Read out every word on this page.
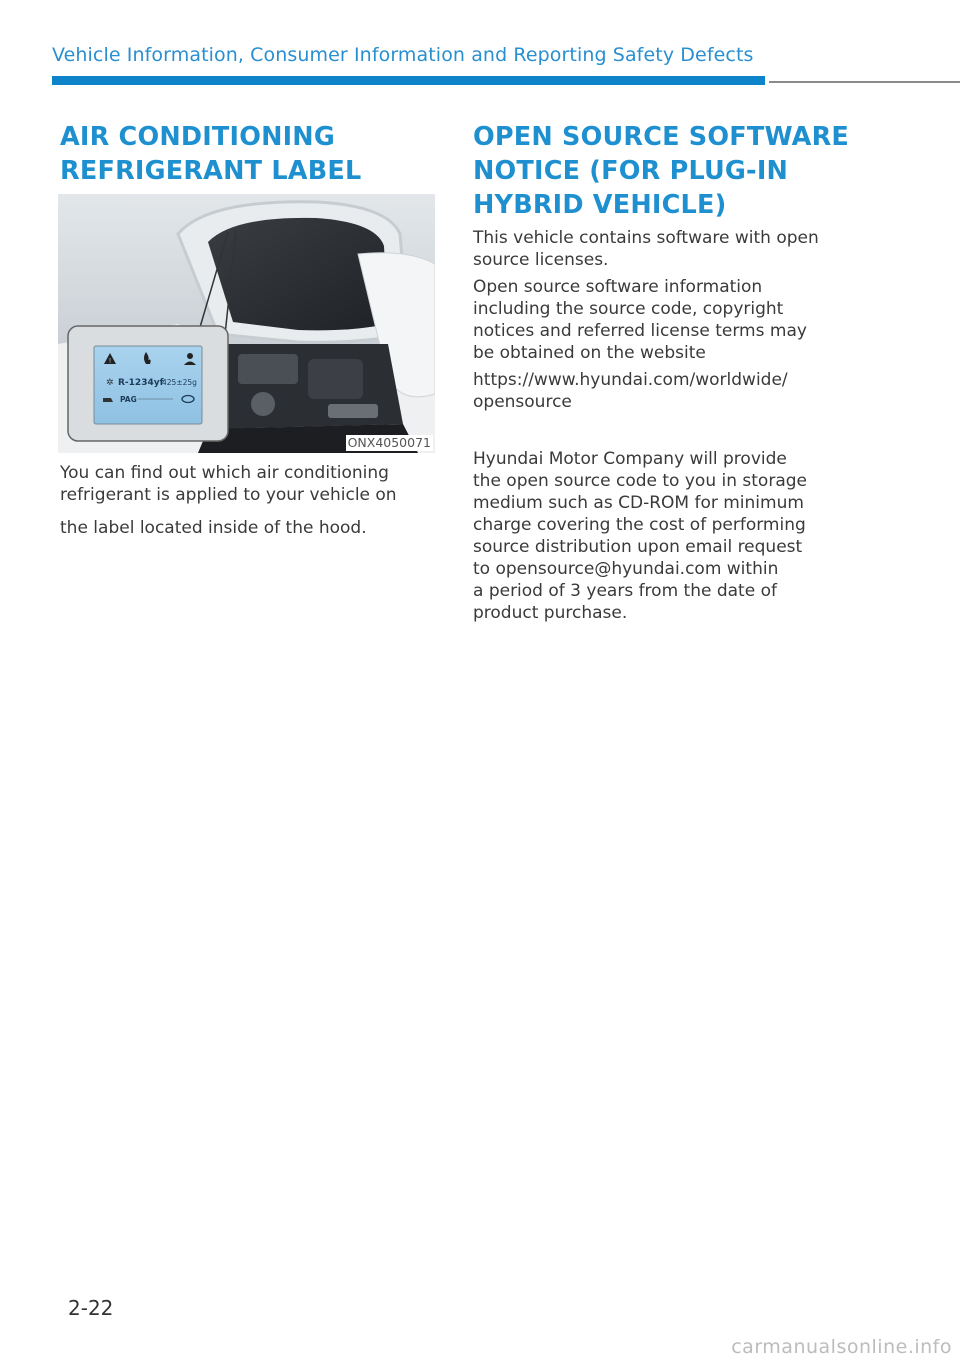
Vehicle Information, Consumer Information and Reporting Safety Defects
AIR CONDITIONING
REFRIGERANT LABEL
!
✲ R-1234yf
425±25g
PAG
ONX4050071

You can find out which air conditioning
refrigerant is applied to your vehicle on

the label located inside of the hood.

OPEN SOURCE SOFTWARE
NOTICE (FOR PLUG-IN
HYBRID VEHICLE)

This vehicle contains software with open
source licenses.

Open source software information
including the source code, copyright
notices and referred license terms may
be obtained on the website

https://www.hyundai.com/worldwide/
opensource

Hyundai Motor Company will provide
the open source code to you in storage
medium such as CD-ROM for minimum
charge covering the cost of performing
source distribution upon email request
to opensource@hyundai.com within
a period of 3 years from the date of
product purchase.

2-22
carmanualsonline.info
